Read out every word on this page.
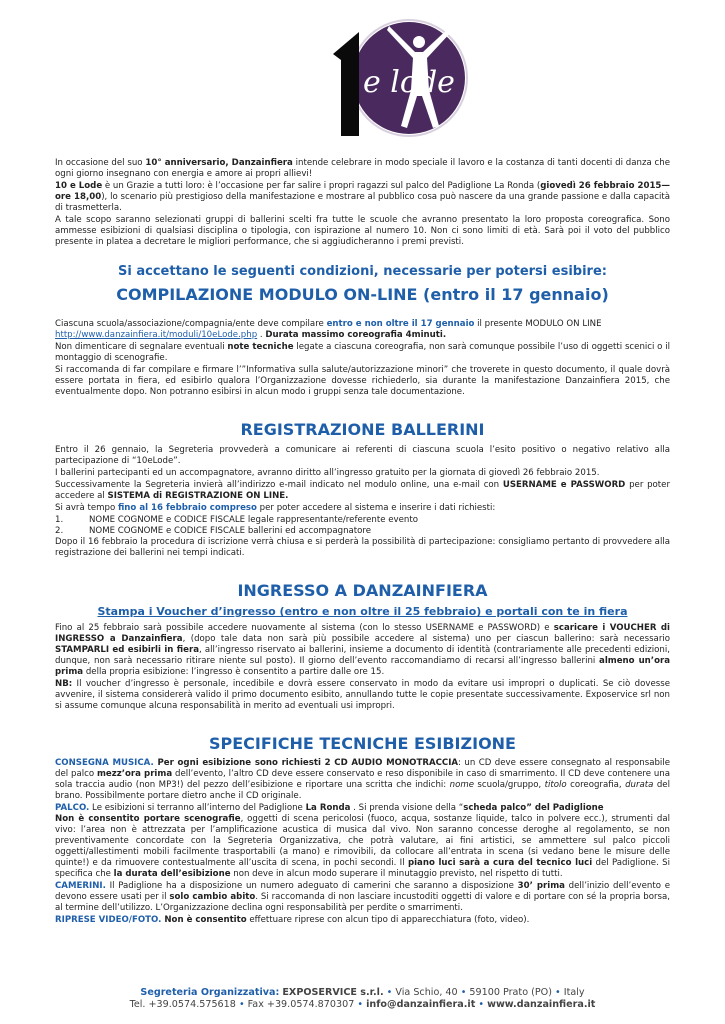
e lode

In occasione del suo 10° anniversario, Danzainfiera intende celebrare in modo speciale il lavoro e la costanza di tanti docenti di danza che ogni giorno insegnano con energia e amore ai propri allievi!

10 e Lode è un Grazie a tutti loro: è l’occasione per far salire i propri ragazzi sul palco del Padiglione La Ronda (giovedì 26 febbraio 2015—ore 18,00), lo scenario più prestigioso della manifestazione e mostrare al pubblico cosa può nascere da una grande passione e dalla capacità di trasmetterla.

A tale scopo saranno selezionati gruppi di ballerini scelti fra tutte le scuole che avranno presentato la loro proposta coreografica. Sono ammesse esibizioni di qualsiasi disciplina o tipologia, con ispirazione al numero 10. Non ci sono limiti di età. Sarà poi il voto del pubblico presente in platea a decretare le migliori performance, che si aggiudicheranno i premi previsti.

Si accettano le seguenti condizioni, necessarie per potersi esibire:
COMPILAZIONE MODULO ON-LINE (entro il 17 gennaio)

Ciascuna scuola/associazione/compagnia/ente deve compilare entro e non oltre il 17 gennaio il presente MODULO ON LINE
http://www.danzainfiera.it/moduli/10eLode.php . Durata massimo coreografia 4minuti.

Non dimenticare di segnalare eventuali note tecniche legate a ciascuna coreografia, non sarà comunque possibile l’uso di oggetti scenici o il montaggio di scenografie.

Si raccomanda di far compilare e firmare l’”Informativa sulla salute/autorizzazione minori” che troverete in questo documento, il quale dovrà essere portata in fiera, ed esibirlo qualora l’Organizzazione dovesse richiederlo, sia durante la manifestazione Danzainfiera 2015, che eventualmente dopo. Non potranno esibirsi in alcun modo i gruppi senza tale documentazione.

REGISTRAZIONE BALLERINI

Entro il 26 gennaio, la Segreteria provvederà a comunicare ai referenti di ciascuna scuola l’esito positivo o negativo relativo alla partecipazione di “10eLode”.

I ballerini partecipanti ed un accompagnatore, avranno diritto all’ingresso gratuito per la giornata di giovedì 26 febbraio 2015.

Successivamente la Segreteria invierà all’indirizzo e-mail indicato nel modulo online, una e-mail con USERNAME e PASSWORD per poter accedere al SISTEMA di REGISTRAZIONE ON LINE.

Si avrà tempo fino al 16 febbraio compreso per poter accedere al sistema e inserire i dati richiesti:

1.	NOME COGNOME e CODICE FISCALE legale rappresentante/referente evento
2.	NOME COGNOME e CODICE FISCALE ballerini ed accompagnatore

Dopo il 16 febbraio la procedura di iscrizione verrà chiusa e si perderà la possibilità di partecipazione: consigliamo pertanto di provvedere alla registrazione dei ballerini nei tempi indicati.

INGRESSO A DANZAINFIERA
Stampa i Voucher d’ingresso (entro e non oltre il 25 febbraio) e portali con te in fiera

Fino al 25 febbraio sarà possibile accedere nuovamente al sistema (con lo stesso USERNAME e PASSWORD) e scaricare i VOUCHER di INGRESSO a Danzainfiera, (dopo tale data non sarà più possibile accedere al sistema) uno per ciascun ballerino: sarà necessario STAMPARLI ed esibirli in fiera, all’ingresso riservato ai ballerini, insieme a documento di identità (contrariamente alle precedenti edizioni, dunque, non sarà necessario ritirare niente sul posto). Il giorno dell’evento raccomandiamo di recarsi all’ingresso ballerini almeno un’ora prima della propria esibizione: l’ingresso è consentito a partire dalle ore 15.

NB: Il voucher d’ingresso è personale, incedibile e dovrà essere conservato in modo da evitare usi impropri o duplicati. Se ciò dovesse avvenire, il sistema considererà valido il primo documento esibito, annullando tutte le copie presentate successivamente. Exposervice srl non si assume comunque alcuna responsabilità in merito ad eventuali usi impropri.

SPECIFICHE TECNICHE ESIBIZIONE

CONSEGNA MUSICA. Per ogni esibizione sono richiesti 2 CD AUDIO MONOTRACCIA: un CD deve essere consegnato al responsabile del palco mezz’ora prima dell’evento, l’altro CD deve essere conservato e reso disponibile in caso di smarrimento. Il CD deve contenere una sola traccia audio (non MP3!) del pezzo dell’esibizione e riportare una scritta che indichi: nome scuola/gruppo, titolo coreografia, durata del brano. Possibilmente portare dietro anche il CD originale.

PALCO. Le esibizioni si terranno all’interno del Padiglione La Ronda . Si prenda visione della “scheda palco” del Padiglione
Non è consentito portare scenografie, oggetti di scena pericolosi (fuoco, acqua, sostanze liquide, talco in polvere ecc.), strumenti dal vivo: l’area non è attrezzata per l’amplificazione acustica di musica dal vivo. Non saranno concesse deroghe al regolamento, se non preventivamente concordate con la Segreteria Organizzativa, che potrà valutare, ai fini artistici, se ammettere sul palco piccoli oggetti/allestimenti mobili facilmente trasportabili (a mano) e rimovibili, da collocare all’entrata in scena (si vedano bene le misure delle quinte!) e da rimuovere contestualmente all’uscita di scena, in pochi secondi. Il piano luci sarà a cura del tecnico luci del Padiglione. Si specifica che la durata dell’esibizione non deve in alcun modo superare il minutaggio previsto, nel rispetto di tutti.

CAMERINI. Il Padiglione ha a disposizione un numero adeguato di camerini che saranno a disposizione 30’ prima dell’inizio dell’evento e devono essere usati per il solo cambio abito. Si raccomanda di non lasciare incustoditi oggetti di valore e di portare con sé la propria borsa, al termine dell’utilizzo. L’Organizzazione declina ogni responsabilità per perdite o smarrimenti.

RIPRESE VIDEO/FOTO. Non è consentito effettuare riprese con alcun tipo di apparecchiatura (foto, video).

Segreteria Organizzativa: EXPOSERVICE s.r.l. • Via Schio, 40 • 59100 Prato (PO) • Italy
Tel. +39.0574.575618 • Fax +39.0574.870307 • info@danzainfiera.it • www.danzainfiera.it
